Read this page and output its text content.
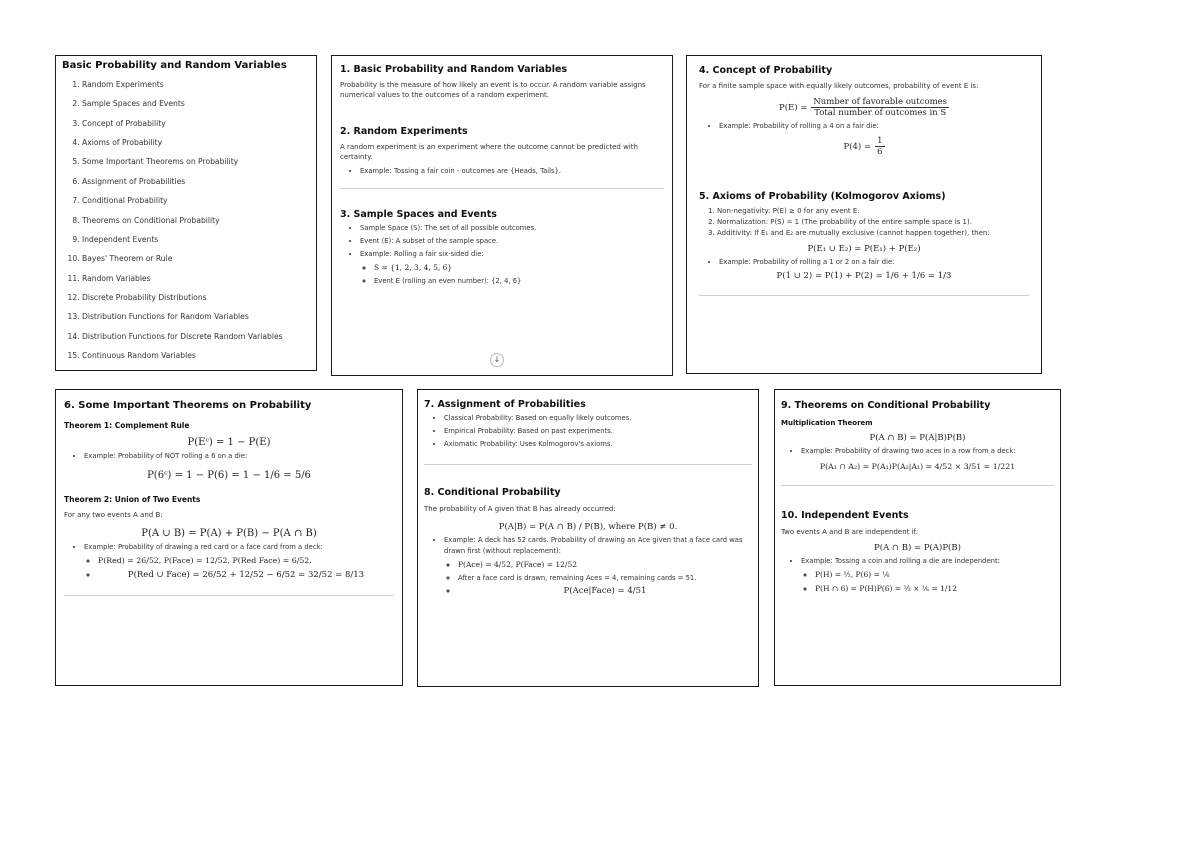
Basic Probability and Random Variables
1. Random Experiments
2. Sample Spaces and Events
3. Concept of Probability
4. Axioms of Probability
5. Some Important Theorems on Probability
6. Assignment of Probabilities
7. Conditional Probability
8. Theorems on Conditional Probability
9. Independent Events
10. Bayes' Theorem or Rule
11. Random Variables
12. Discrete Probability Distributions
13. Distribution Functions for Random Variables
14. Distribution Functions for Discrete Random Variables
15. Continuous Random Variables
1. Basic Probability and Random Variables
Probability is the measure of how likely an event is to occur. A random variable assigns numerical values to the outcomes of a random experiment.
2. Random Experiments
A random experiment is an experiment where the outcome cannot be predicted with certainty.
• Example: Tossing a fair coin - outcomes are {Heads, Tails}.
3. Sample Spaces and Events
• Sample Space (S): The set of all possible outcomes.
• Event (E): A subset of the sample space.
• Example: Rolling a fair six-sided die:
◦ S = {1, 2, 3, 4, 5, 6}
◦ Event E (rolling an even number): {2, 4, 6}
↓
4. Concept of Probability
For a finite sample space with equally likely outcomes, probability of event E is:
P(E) =
Number of favorable outcomes
Total number of outcomes in S
• Example: Probability of rolling a 4 on a fair die:
$P(4) = \frac{1}{6}$
5. Axioms of Probability (Kolmogorov Axioms)
1. Non-negativity: P(E) ≥ 0 for any event E.
2. Normalization: P(S) = 1 (The probability of the entire sample space is 1).
3. Additivity: If E₁ and E₂ are mutually exclusive (cannot happen together), then:
P(E₁ ∪ E₂) = P(E₁) + P(E₂)
• Example: Probability of rolling a 1 or 2 on a fair die:
P(1 ∪ 2) = P(1) + P(2) = 1/6 + 1/6 = 1/3
6. Some Important Theorems on Probability
Theorem 1: Complement Rule
P(Eᶜ) = 1 − P(E)
• Example: Probability of NOT rolling a 6 on a die:
P(6ᶜ) = 1 − P(6) = 1 − 1/6 = 5/6
Theorem 2: Union of Two Events
For any two events A and B:
P(A ∪ B) = P(A) + P(B) − P(A ∩ B)
• Example: Probability of drawing a red card or a face card from a deck:
◦ P(Red) = 26/52, P(Face) = 12/52, P(Red Face) = 6/52.
◦ P(Red ∪ Face) = 26/52 + 12/52 − 6/52 = 32/52 = 8/13
7. Assignment of Probabilities
• Classical Probability: Based on equally likely outcomes.
• Empirical Probability: Based on past experiments.
• Axiomatic Probability: Uses Kolmogorov's axioms.
8. Conditional Probability
The probability of A given that B has already occurred:
P(A|B) = P(A ∩ B) / P(B), where P(B) ≠ 0.
• Example: A deck has 52 cards. Probability of drawing an Ace given that a face card was drawn first (without replacement):
◦ P(Ace) = 4/52, P(Face) = 12/52
◦ After a face card is drawn, remaining Aces = 4, remaining cards = 51.
◦ P(Ace|Face) = 4/51
9. Theorems on Conditional Probability
Multiplication Theorem
P(A ∩ B) = P(A|B)P(B)
• Example: Probability of drawing two aces in a row from a deck:
P(A₁ ∩ A₂) = P(A₁)P(A₂|A₁) = 4/52 × 3/51 = 1/221
10. Independent Events
Two events A and B are independent if:
P(A ∩ B) = P(A)P(B)
• Example: Tossing a coin and rolling a die are independent:
◦ P(H) = ½, P(6) = ⅙
◦ P(H ∩ 6) = P(H)P(6) = ½ × ⅙ = 1/12
